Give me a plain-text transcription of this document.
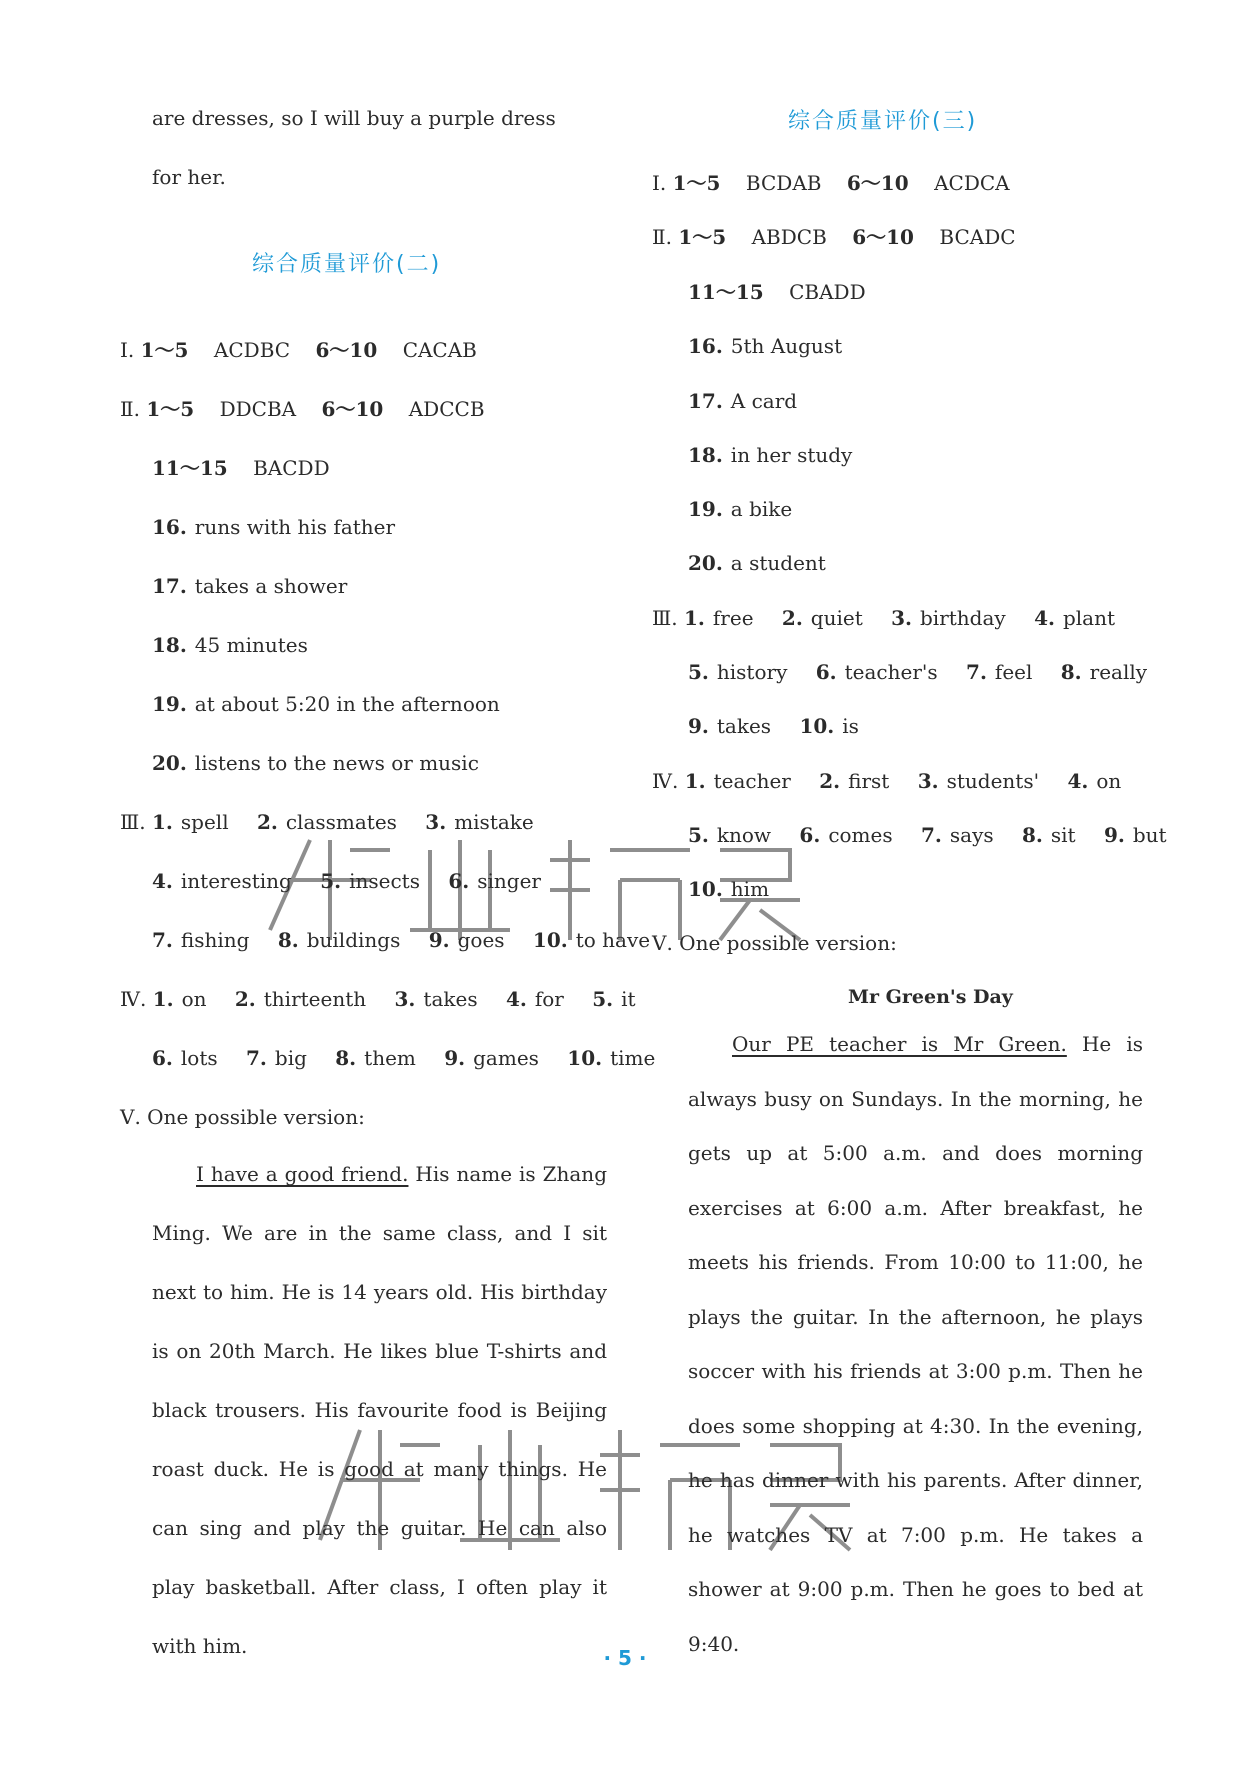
are dresses, so I will buy a purple dress
for her.
综合质量评价(二)
Ⅰ. 1～5 ACDBC 6～10 CACAB
Ⅱ. 1～5 DDCBA 6～10 ADCCB
11～15 BACDD
16. runs with his father
17. takes a shower
18. 45 minutes
19. at about 5:20 in the afternoon
20. listens to the news or music
Ⅲ. 1. spell 2. classmates 3. mistake
4. interesting 5. insects 6. singer
7. fishing 8. buildings 9. goes 10. to have
Ⅳ. 1. on 2. thirteenth 3. takes 4. for 5. it
6. lots 7. big 8. them 9. games 10. time
Ⅴ. One possible version:
I have a good friend. His name is Zhang Ming. We are in the same class, and I sit next to him. He is 14 years old. His birthday is on 20th March. He likes blue T-shirts and black trousers. His favourite food is Beijing roast duck. He is good at many things. He can sing and play the guitar. He can also play basketball. After class, I often play it with him.
综合质量评价(三)
Ⅰ. 1～5 BCDAB 6～10 ACDCA
Ⅱ. 1～5 ABDCB 6～10 BCADC
11～15 CBADD
16. 5th August
17. A card
18. in her study
19. a bike
20. a student
Ⅲ. 1. free 2. quiet 3. birthday 4. plant
5. history 6. teacher's 7. feel 8. really
9. takes 10. is
Ⅳ. 1. teacher 2. first 3. students' 4. on
5. know 6. comes 7. says 8. sit 9. but
10. him
Ⅴ. One possible version:
Mr Green's Day
Our PE teacher is Mr Green. He is always busy on Sundays. In the morning, he gets up at 5:00 a.m. and does morning exercises at 6:00 a.m. After breakfast, he meets his friends. From 10:00 to 11:00, he plays the guitar. In the afternoon, he plays soccer with his friends at 3:00 p.m. Then he does some shopping at 4:30. In the evening, he has dinner with his parents. After dinner, he watches TV at 7:00 p.m. He takes a shower at 9:00 p.m. Then he goes to bed at 9:40.
· 5 ·
